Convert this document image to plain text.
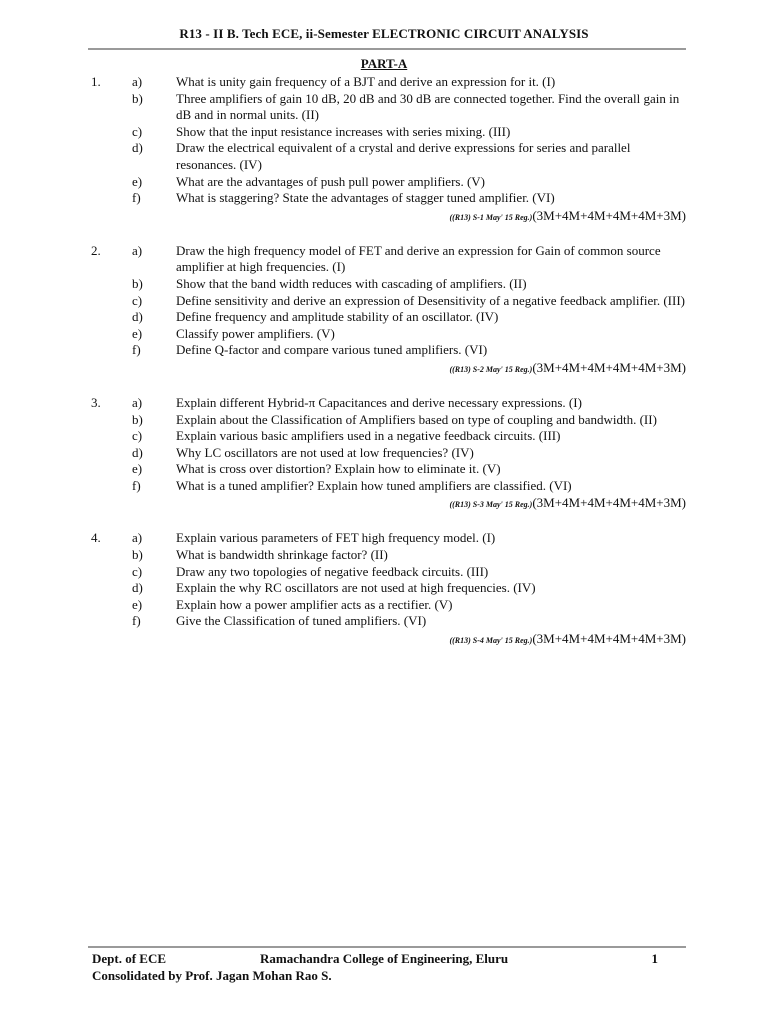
R13 - II B. Tech ECE, ii-Semester ELECTRONIC CIRCUIT ANALYSIS
PART-A
1. a)	What is unity gain frequency of a BJT and derive an expression for it. (I)
b)	Three amplifiers of gain 10 dB, 20 dB and 30 dB are connected together. Find the overall gain in dB and in normal units. (II)
c)	Show that the input resistance increases with series mixing. (III)
d)	Draw the electrical equivalent of a crystal and derive expressions for series and parallel resonances. (IV)
e)	What are the advantages of push pull power amplifiers. (V)
f)	What is staggering? State the advantages of stagger tuned amplifier. (VI)
((R13) S-1 May' 15 Reg.)(3M+4M+4M+4M+4M+3M)
2. a)	Draw the high frequency model of FET and derive an expression for Gain of common source amplifier at high frequencies. (I)
b)	Show that the band width reduces with cascading of amplifiers. (II)
c)	Define sensitivity and derive an expression of Desensitivity of a negative feedback amplifier. (III)
d)	Define frequency and amplitude stability of an oscillator. (IV)
e)	Classify power amplifiers. (V)
f)	Define Q-factor and compare various tuned amplifiers. (VI)
((R13) S-2 May' 15 Reg.)(3M+4M+4M+4M+4M+3M)
3. a)	Explain different Hybrid-π Capacitances and derive necessary expressions. (I)
b)	Explain about the Classification of Amplifiers based on type of coupling and bandwidth. (II)
c)	Explain various basic amplifiers used in a negative feedback circuits. (III)
d)	Why LC oscillators are not used at low frequencies? (IV)
e)	What is cross over distortion? Explain how to eliminate it. (V)
f)	What is a tuned amplifier? Explain how tuned amplifiers are classified. (VI)
((R13) S-3 May' 15 Reg.)(3M+4M+4M+4M+4M+3M)
4. a)	Explain various parameters of FET high frequency model. (I)
b)	What is bandwidth shrinkage factor? (II)
c)	Draw any two topologies of negative feedback circuits. (III)
d)	Explain the why RC oscillators are not used at high frequencies. (IV)
e)	Explain how a power amplifier acts as a rectifier. (V)
f)	Give the Classification of tuned amplifiers. (VI)
((R13) S-4 May' 15 Reg.)(3M+4M+4M+4M+4M+3M)
Dept. of ECE	Ramachandra College of Engineering, Eluru	1
Consolidated by Prof. Jagan Mohan Rao S.
